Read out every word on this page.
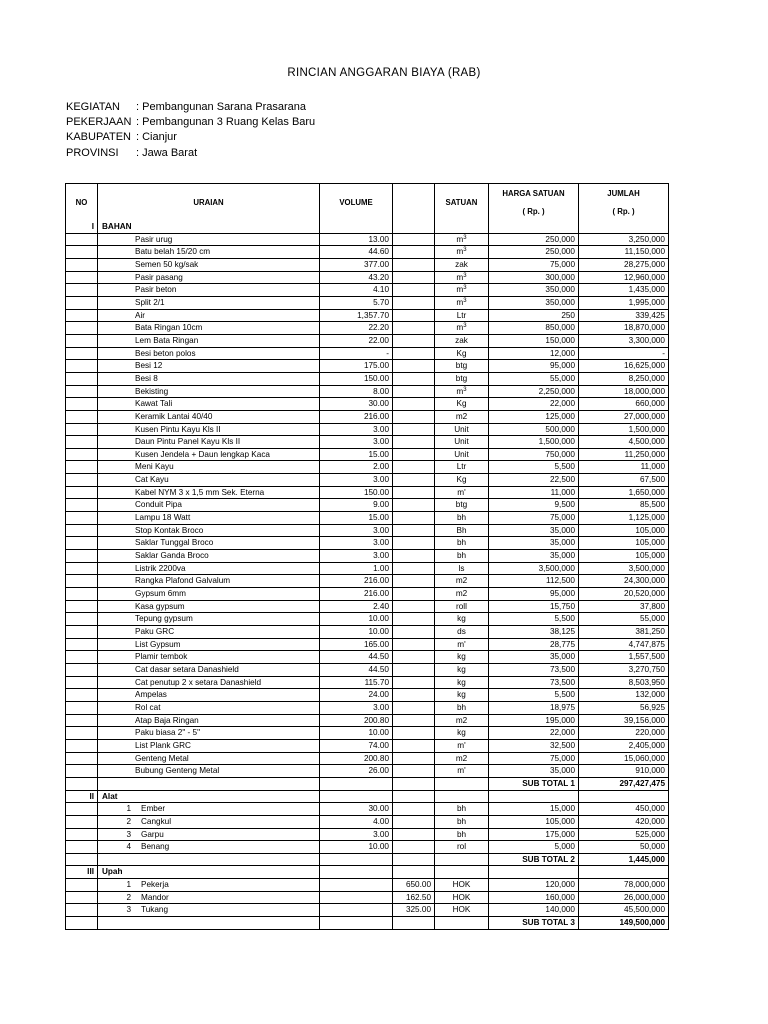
RINCIAN ANGGARAN BIAYA (RAB)
KEGIATAN	: Pembangunan Sarana Prasarana
PEKERJAAN : Pembangunan 3 Ruang Kelas Baru
KABUPATEN : Cianjur
PROVINSI	: Jawa Barat
NO	URAIAN	VOLUME		SATUAN	HARGA SATUAN	JUMLAH
					( Rp. )	( Rp. )
I	BAHAN					
	Pasir urug	13.00		$m^3$	250,000	3,250,000
	Batu belah 15/20 cm	44.60		$m^3$	250,000	11,150,000
	Semen 50 kg/sak	377.00		zak	75,000	28,275,000
	Pasir pasang	43.20		$m^3$	300,000	12,960,000
	Pasir beton	4.10		$m^3$	350,000	1,435,000
	Split 2/1	5.70		$m^3$	350,000	1,995,000
	Air	1,357.70		Ltr	250	339,425
	Bata Ringan 10cm	22.20		$m^3$	850,000	18,870,000
	Lem Bata Ringan	22.00		zak	150,000	3,300,000
	Besi beton polos	-		Kg	12,000	-
	Besi 12	175.00		btg	95,000	16,625,000
	Besi 8	150.00		btg	55,000	8,250,000
	Bekisting	8.00		$m^3$	2,250,000	18,000,000
	Kawat Tali	30.00		Kg	22,000	660,000
	Keramik Lantai 40/40	216.00		m2	125,000	27,000,000
	Kusen Pintu Kayu Kls II	3.00		Unit	500,000	1,500,000
	Daun Pintu Panel Kayu Kls II	3.00		Unit	1,500,000	4,500,000
	Kusen Jendela + Daun lengkap Kaca	15.00		Unit	750,000	11,250,000
	Meni Kayu	2.00		Ltr	5,500	11,000
	Cat Kayu	3.00		Kg	22,500	67,500
	Kabel NYM 3 x 1,5 mm Sek. Eterna	150.00		m'	11,000	1,650,000
	Conduit Pipa	9.00		btg	9,500	85,500
	Lampu 18 Watt	15.00		bh	75,000	1,125,000
	Stop Kontak Broco	3.00		Bh	35,000	105,000
	Saklar Tunggal Broco	3.00		bh	35,000	105,000
	Saklar Ganda Broco	3.00		bh	35,000	105,000
	Listrik 2200va	1.00		ls	3,500,000	3,500,000
	Rangka Plafond Galvalum	216.00		m2	112,500	24,300,000
	Gypsum 6mm	216.00		m2	95,000	20,520,000
	Kasa gypsum	2.40		roll	15,750	37,800
	Tepung gypsum	10.00		kg	5,500	55,000
	Paku GRC	10.00		ds	38,125	381,250
	List Gypsum	165.00		m'	28,775	4,747,875
	Plamir tembok	44.50		kg	35,000	1,557,500
	Cat dasar setara Danashield	44.50		kg	73,500	3,270,750
	Cat penutup 2 x setara Danashield	115.70		kg	73,500	8,503,950
	Ampelas	24.00		kg	5,500	132,000
	Rol cat	3.00		bh	18,975	56,925
	Atap Baja Ringan	200.80		m2	195,000	39,156,000
	Paku biasa 2" - 5"	10.00		kg	22,000	220,000
	List Plank GRC	74.00		m'	32,500	2,405,000
	Genteng Metal	200.80		m2	75,000	15,060,000
	Bubung Genteng Metal	26.00		m'	35,000	910,000
					SUB TOTAL 1	297,427,475
II	Alat					
	1 Ember	30.00		bh	15,000	450,000
	2 Cangkul	4.00		bh	105,000	420,000
	3 Garpu	3.00		bh	175,000	525,000
	4 Benang	10.00		rol	5,000	50,000
					SUB TOTAL 2	1,445,000
III	Upah					
	1 Pekerja		650.00	HOK	120,000	78,000,000
	2 Mandor		162.50	HOK	160,000	26,000,000
	3 Tukang		325.00	HOK	140,000	45,500,000
					SUB TOTAL 3	149,500,000
